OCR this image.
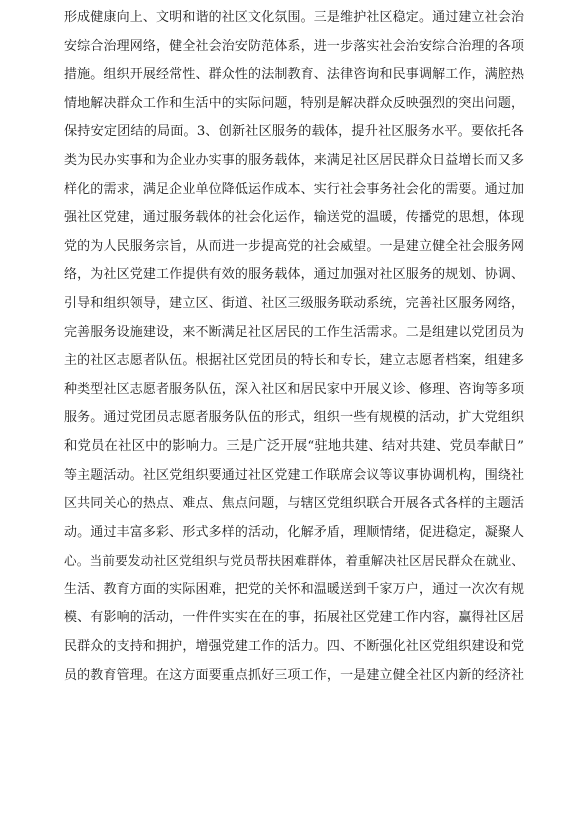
形成健康向上、文明和谐的社区文化氛围。三是维护社区稳定。通过建立社会治
安综合治理网络，健全社会治安防范体系，进一步落实社会治安综合治理的各项
措施。组织开展经常性、群众性的法制教育、法律咨询和民事调解工作，满腔热
情地解决群众工作和生活中的实际问题，特别是解决群众反映强烈的突出问题，
保持安定团结的局面。3、创新社区服务的载体，提升社区服务水平。要依托各
类为民办实事和为企业办实事的服务载体，来满足社区居民群众日益增长而又多
样化的需求，满足企业单位降低运作成本、实行社会事务社会化的需要。通过加
强社区党建，通过服务载体的社会化运作，输送党的温暖，传播党的思想，体现
党的为人民服务宗旨，从而进一步提高党的社会威望。一是建立健全社会服务网
络，为社区党建工作提供有效的服务载体，通过加强对社区服务的规划、协调、
引导和组织领导，建立区、街道、社区三级服务联动系统，完善社区服务网络，
完善服务设施建设，来不断满足社区居民的工作生活需求。二是组建以党团员为
主的社区志愿者队伍。根据社区党团员的特长和专长，建立志愿者档案，组建多
种类型社区志愿者服务队伍，深入社区和居民家中开展义诊、修理、咨询等多项
服务。通过党团员志愿者服务队伍的形式，组织一些有规模的活动，扩大党组织
和党员在社区中的影响力。三是广泛开展“驻地共建、结对共建、党员奉献日”
等主题活动。社区党组织要通过社区党建工作联席会议等议事协调机构，围绕社
区共同关心的热点、难点、焦点问题，与辖区党组织联合开展各式各样的主题活
动。通过丰富多彩、形式多样的活动，化解矛盾，理顺情绪，促进稳定，凝聚人
心。当前要发动社区党组织与党员帮扶困难群体，着重解决社区居民群众在就业、
生活、教育方面的实际困难，把党的关怀和温暖送到千家万户，通过一次次有规
模、有影响的活动，一件件实实在在的事，拓展社区党建工作内容，赢得社区居
民群众的支持和拥护，增强党建工作的活力。四、不断强化社区党组织建设和党
员的教育管理。在这方面要重点抓好三项工作，一是建立健全社区内新的经济社
